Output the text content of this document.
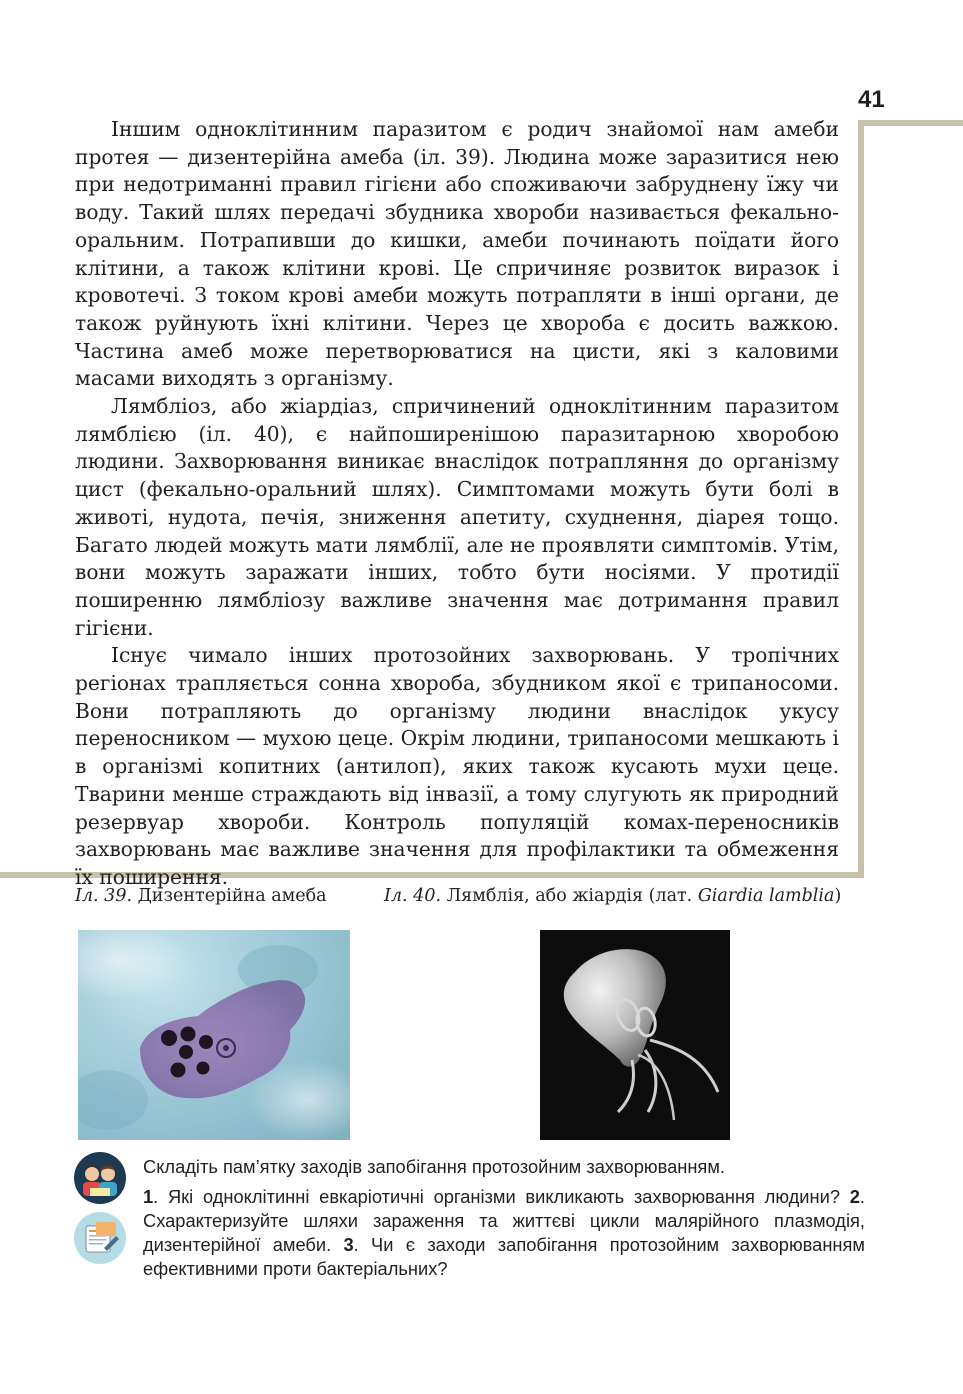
41

Іншим одноклітинним паразитом є родич знайомої нам амеби протея — дизентерійна амеба (іл. 39). Людина може заразитися нею при недотриманні правил гігієни або споживаючи забруднену їжу чи воду. Такий шлях передачі збудника хвороби називається фекально-оральним. Потрапивши до кишки, амеби починають поїдати його клітини, а також клітини крові. Це спричиняє розвиток виразок і кровотечі. З током крові амеби можуть потрапляти в інші органи, де також руйнують їхні клітини. Через це хвороба є досить важкою. Частина амеб може перетворюватися на цисти, які з каловими масами виходять з організму.

Лямбліоз, або жіардіаз, спричинений одноклітинним паразитом лямблією (іл. 40), є найпоширенішою паразитарною хворобою людини. Захворювання виникає внаслідок потрапляння до організму цист (фекально-оральний шлях). Симптомами можуть бути болі в животі, нудота, печія, зниження апетиту, схуднення, діарея тощо. Багато людей можуть мати лямблії, але не проявляти симптомів. Утім, вони можуть заражати інших, тобто бути носіями. У протидії поширенню лямбліозу важливе значення має дотримання правил гігієни.

Існує чимало інших протозойних захворювань. У тропічних регіонах трапляється сонна хвороба, збудником якої є трипаносоми. Вони потрапляють до організму людини внаслідок укусу переносником — мухою цеце. Окрім людини, трипаносоми мешкають і в організмі копитних (антилоп), яких також кусають мухи цеце. Тварини менше страждають від інвазії, а тому слугують як природний резервуар хвороби. Контроль популяцій комах-переносників захворювань має важливе значення для профілактики та обмеження їх поширення.

Іл. 39. Дизентерійна амеба	Іл. 40. Лямблія, або жіардія (лат. Giardia lamblia)
Складіть пам’ятку заходів запобігання протозойним захворюванням.
1. Які одноклітинні евкаріотичні організми викликають захворювання людини? 2. Схарактеризуйте шляхи зараження та життєві цикли малярійного плазмодія, дизентерійної амеби. 3. Чи є заходи запобігання протозойним захворюванням ефективними проти бактеріальних?
